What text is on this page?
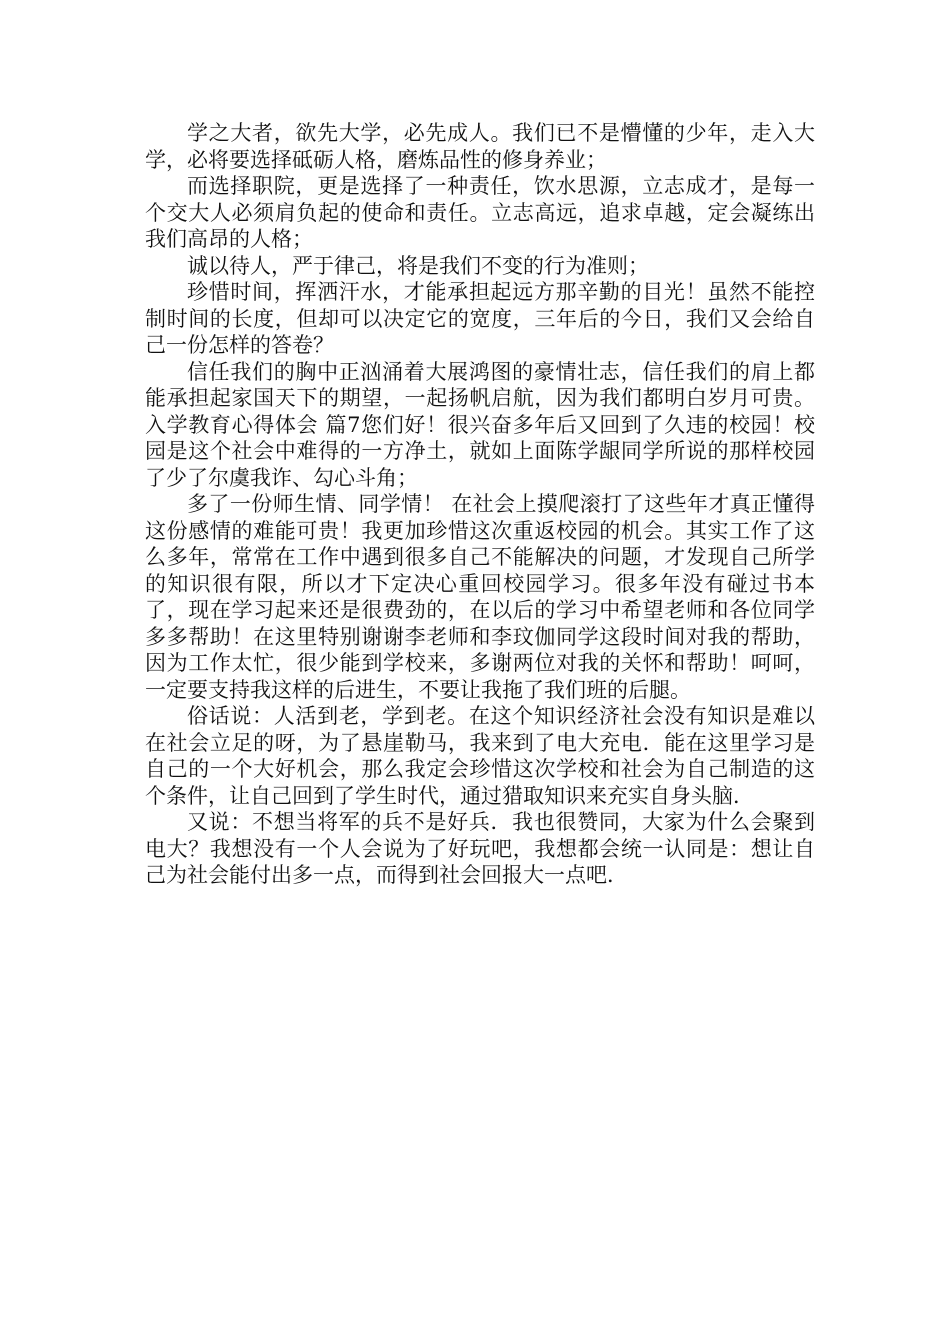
学之大者，欲先大学，必先成人。我们已不是懵懂的少年，走入大学，必将要选择砥砺人格，磨炼品性的修身养业；

而选择职院，更是选择了一种责任，饮水思源，立志成才，是每一个交大人必须肩负起的使命和责任。立志高远，追求卓越，定会凝练出我们高昂的人格；

诚以待人，严于律己，将是我们不变的行为准则；

珍惜时间，挥洒汗水，才能承担起远方那辛勤的目光！虽然不能控制时间的长度，但却可以决定它的宽度，三年后的今日，我们又会给自己一份怎样的答卷？

信任我们的胸中正汹涌着大展鸿图的豪情壮志，信任我们的肩上都能承担起家国天下的期望，一起扬帆启航，因为我们都明白岁月可贵。入学教育心得体会 篇7您们好！很兴奋多年后又回到了久违的校园！校园是这个社会中难得的一方净土，就如上面陈学龈同学所说的那样校园了少了尔虞我诈、勾心斗角；

多了一份师生情、同学情！ 在社会上摸爬滚打了这些年才真正懂得这份感情的难能可贵！我更加珍惜这次重返校园的机会。其实工作了这么多年，常常在工作中遇到很多自己不能解决的问题，才发现自己所学的知识很有限，所以才下定决心重回校园学习。很多年没有碰过书本了，现在学习起来还是很费劲的，在以后的学习中希望老师和各位同学多多帮助！在这里特别谢谢李老师和李玟伽同学这段时间对我的帮助，因为工作太忙，很少能到学校来，多谢两位对我的关怀和帮助！呵呵，一定要支持我这样的后进生，不要让我拖了我们班的后腿。

俗话说：人活到老，学到老。在这个知识经济社会没有知识是难以在社会立足的呀，为了悬崖勒马，我来到了电大充电．能在这里学习是自己的一个大好机会，那么我定会珍惜这次学校和社会为自己制造的这个条件，让自己回到了学生时代，通过猎取知识来充实自身头脑．

又说：不想当将军的兵不是好兵．我也很赞同，大家为什么会聚到电大？我想没有一个人会说为了好玩吧，我想都会统一认同是：想让自己为社会能付出多一点，而得到社会回报大一点吧．
